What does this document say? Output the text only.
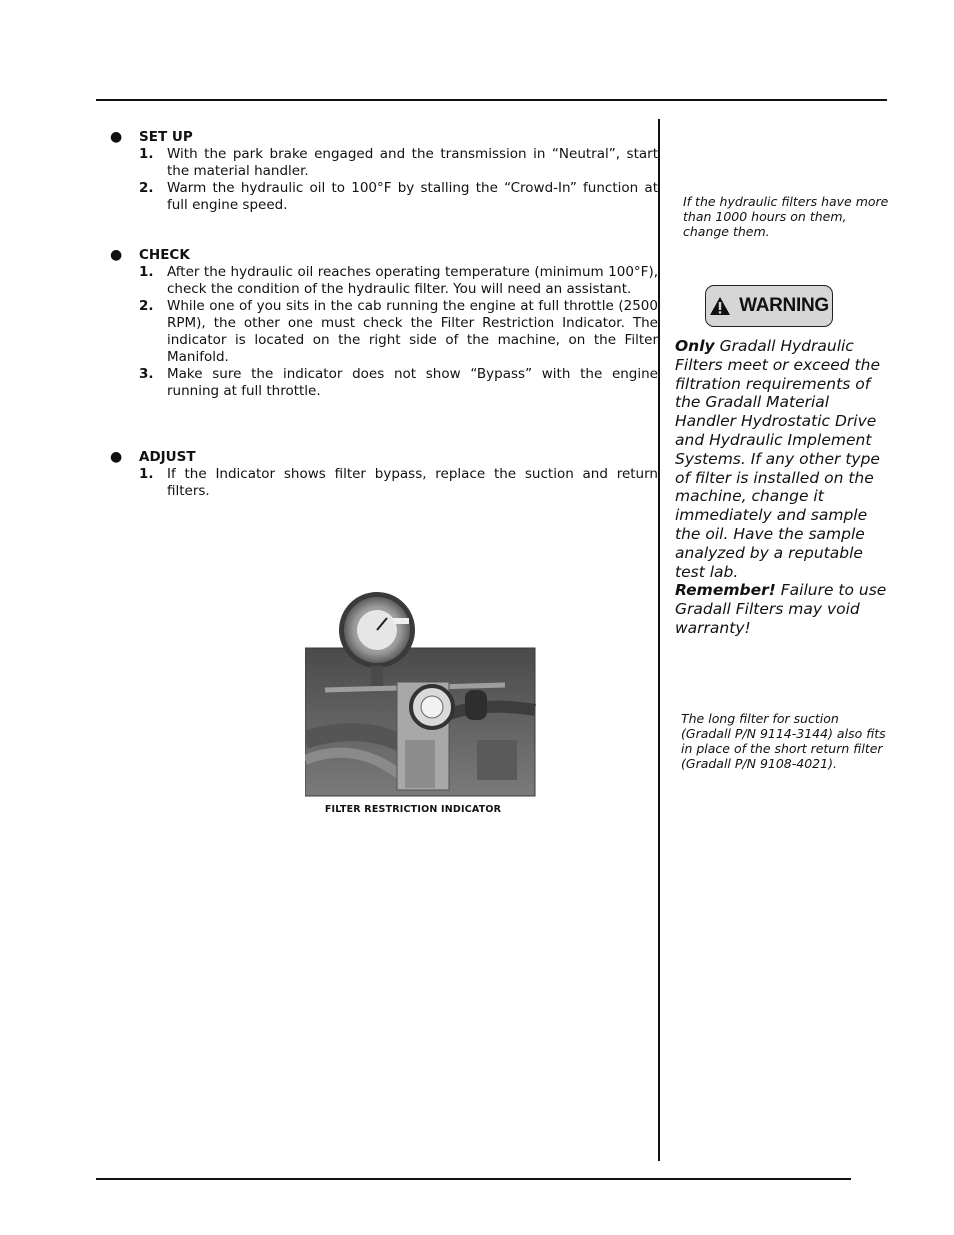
● SET UP
1. With the park brake engaged and the transmission in “Neutral”, start the material handler.
2. Warm the hydraulic oil to 100°F by stalling the “Crowd-In” function at full engine speed.
● CHECK
1. After the hydraulic oil reaches operating temperature (minimum 100°F), check the condition of the hydraulic filter. You will need an assistant.
2. While one of you sits in the cab running the engine at full throttle (2500 RPM), the other one must check the Filter Restriction Indicator. The indicator is located on the right side of the machine, on the Filter Manifold.
3. Make sure the indicator does not show “Bypass” with the engine running at full throttle.
● ADJUST
1. If the Indicator shows filter bypass, replace the suction and return filters.
FILTER RESTRICTION INDICATOR
If the hydraulic filters have more than 1000 hours on them, change them.
WARNING
Only Gradall Hydraulic Filters meet or exceed the filtration requirements of the Gradall Material Handler Hydrostatic Drive and Hydraulic Implement Systems. If any other type of filter is installed on the machine, change it immediately and sample the oil. Have the sample analyzed by a reputable test lab.
Remember! Failure to use Gradall Filters may void warranty!
The long filter for suction (Gradall P/N 9114-3144) also fits in place of the short return filter (Gradall P/N 9108-4021).
